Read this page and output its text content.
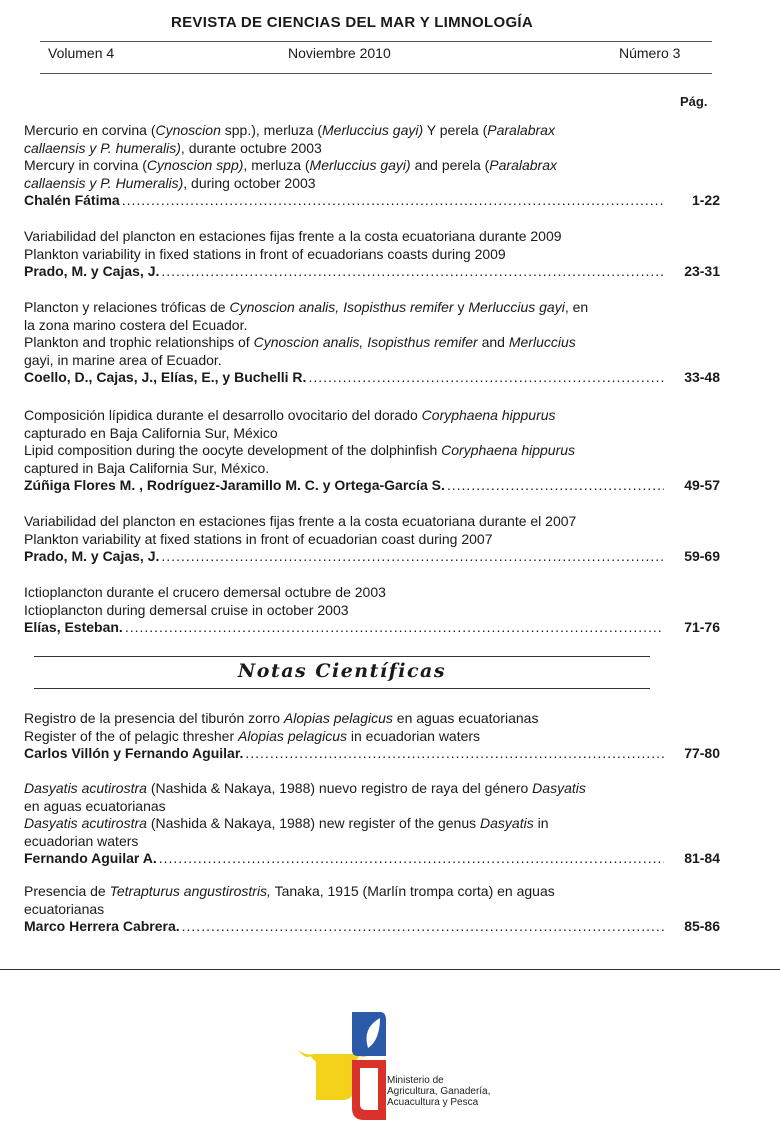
REVISTA DE CIENCIAS DEL MAR Y LIMNOLOGÍA
Volumen 4	Noviembre 2010	Número 3
Pág.
Mercurio en corvina (Cynoscion spp.), merluza (Merluccius gayi) Y perela (Paralabrax
callaensis y P. humeralis), durante octubre 2003
Mercury in corvina (Cynoscion spp), merluza (Merluccius gayi) and perela (Paralabrax
callaensis y P. Humeralis), during october 2003
Chalén Fátima .....	1-22
Variabilidad del plancton en estaciones fijas frente a la costa ecuatoriana durante 2009
Plankton variability in fixed stations in front of ecuadorians coasts during 2009
Prado, M. y Cajas, J. .....	23-31
Plancton y relaciones tróficas de Cynoscion analis, Isopisthus remifer y Merluccius gayi, en
la zona marino costera del Ecuador.
Plankton and trophic relationships of Cynoscion analis, Isopisthus remifer and Merluccius
gayi, in marine area of Ecuador.
Coello, D., Cajas, J., Elías, E., y Buchelli R. .....	33-48
Composición lípidica durante el desarrollo ovocitario del dorado Coryphaena hippurus
capturado en Baja California Sur, México
Lipid composition during the oocyte development of the dolphinfish Coryphaena hippurus
captured in Baja California Sur, México.
Zúñiga Flores M. , Rodríguez-Jaramillo M. C. y Ortega-García S. .....	49-57
Variabilidad del plancton en estaciones fijas frente a la costa ecuatoriana durante el 2007
Plankton variability at fixed stations in front of ecuadorian coast during 2007
Prado, M. y Cajas, J. .....	59-69
Ictioplancton durante el crucero demersal octubre de 2003
Ictioplancton during demersal cruise in october 2003
Elías, Esteban. .....	71-76
Notas Científicas
Registro de la presencia del tiburón zorro Alopias pelagicus en aguas ecuatorianas
Register of the of pelagic thresher Alopias pelagicus in ecuadorian waters
Carlos Villón y Fernando Aguilar. .....	77-80
Dasyatis acutirostra (Nashida & Nakaya, 1988) nuevo registro de raya del género Dasyatis
en aguas ecuatorianas
Dasyatis acutirostra (Nashida & Nakaya, 1988) new register of the genus Dasyatis in
ecuadorian waters
Fernando Aguilar A. .....	81-84
Presencia de Tetrapturus angustirostris, Tanaka, 1915 (Marlín trompa corta) en aguas
ecuatorianas
Marco Herrera Cabrera. .....	85-86
Ministerio de
Agricultura, Ganadería,
Acuacultura y Pesca
